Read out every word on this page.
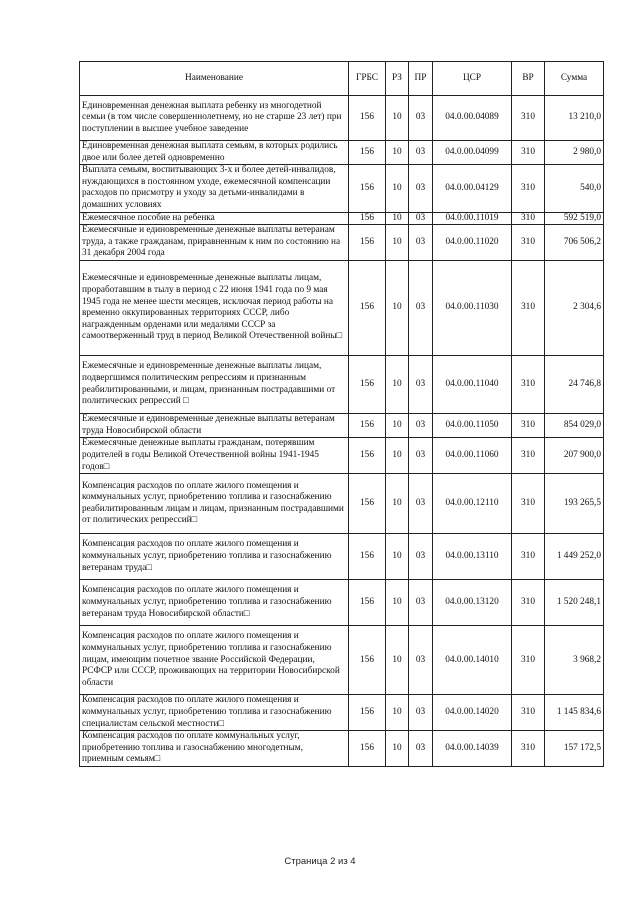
Наименование	ГРБС	РЗ	ПР	ЦСР	ВР	Сумма
Единовременная денежная выплата ребенку из многодетной семьи (в том числе совершеннолетнему, но не старше 23 лет) при поступлении в высшее учебное заведение	156	10	03	04.0.00.04089	310	13 210,0
Единовременная денежная выплата семьям, в которых родились двое или более детей одновременно	156	10	03	04.0.00.04099	310	2 980,0
Выплата семьям, воспитывающих 3-х и более детей-инвалидов, нуждающихся в постоянном уходе, ежемесячной компенсации расходов по присмотру и уходу за детьми-инвалидами в домашних условиях	156	10	03	04.0.00.04129	310	540,0
Ежемесячное пособие на ребенка	156	10	03	04.0.00.11019	310	592 519,0
Ежемесячные и единовременные денежные выплаты ветеранам труда, а также гражданам, приравненным к ним по состоянию на 31 декабря 2004 года	156	10	03	04.0.00.11020	310	706 506,2
Ежемесячные и единовременные денежные выплаты лицам, проработавшим в тылу в период с 22 июня 1941 года по 9 мая 1945 года не менее шести месяцев, исключая период работы на временно оккупированных территориях СССР, либо награжденным орденами или медалями СССР за самоотверженный труд в период Великой Отечественной войны□	156	10	03	04.0.00.11030	310	2 304,6
Ежемесячные и единовременные денежные выплаты лицам, подвергшимся политическим репрессиям и признанным реабилитированными, и лицам, признанным пострадавшими от политических репрессий □	156	10	03	04.0.00.11040	310	24 746,8
Ежемесячные и единовременные денежные выплаты ветеранам труда Новосибирской области	156	10	03	04.0.00.11050	310	854 029,0
Ежемесячные денежные выплаты гражданам, потерявшим родителей в годы Великой Отечественной войны 1941-1945 годов□	156	10	03	04.0.00.11060	310	207 900,0
Компенсация расходов по оплате жилого помещения и коммунальных услуг, приобретению топлива и газоснабжению реабилитированным лицам и лицам, признанным пострадавшими от политических репрессий□	156	10	03	04.0.00.12110	310	193 265,5
Компенсация расходов по оплате жилого помещения и коммунальных услуг, приобретению топлива и газоснабжению ветеранам труда□	156	10	03	04.0.00.13110	310	1 449 252,0
Компенсация расходов по оплате жилого помещения и коммунальных услуг, приобретению топлива и газоснабжению ветеранам труда Новосибирской области□	156	10	03	04.0.00.13120	310	1 520 248,1
Компенсация расходов по оплате жилого помещения и коммунальных услуг, приобретению топлива и газоснабжению лицам, имеющим почетное звание Российской Федерации, РСФСР или СССР, проживающих на территории Новосибирской области	156	10	03	04.0.00.14010	310	3 968,2
Компенсация расходов по оплате жилого помещения и коммунальных услуг, приобретению топлива и газоснабжению специалистам сельской местности□	156	10	03	04.0.00.14020	310	1 145 834,6
Компенсация расходов по оплате коммунальных услуг, приобретению топлива и газоснабжению многодетным, приемным семьям□	156	10	03	04.0.00.14039	310	157 172,5
Страница 2 из 4
